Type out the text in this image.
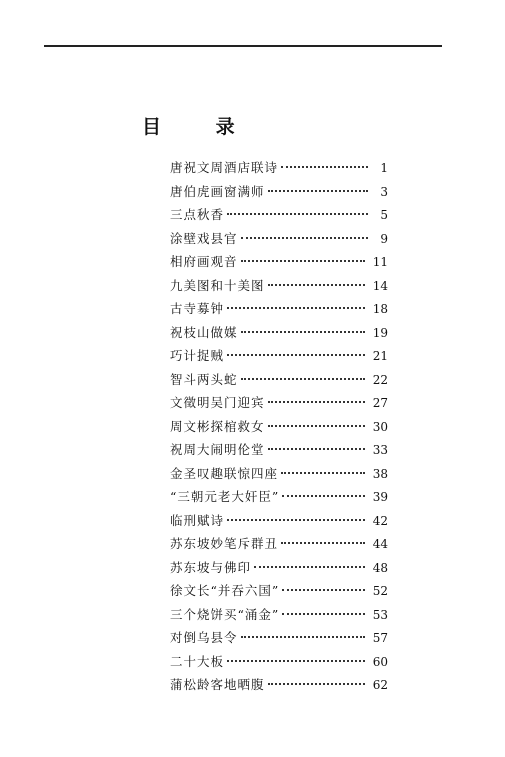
目 录
唐祝文周酒店联诗	1
唐伯虎画窗满师	3
三点秋香	5
涂壁戏县官	9
相府画观音	11
九美图和十美图	14
古寺募钟	18
祝枝山做媒	19
巧计捉贼	21
智斗两头蛇	22
文徵明吴门迎宾	27
周文彬探棺救女	30
祝周大闹明伦堂	33
金圣叹趣联惊四座	38
“三朝元老大奸臣”	39
临刑赋诗	42
苏东坡妙笔斥群丑	44
苏东坡与佛印	48
徐文长“并吞六国”	52
三个烧饼买“涌金”	53
对倒乌县令	57
二十大板	60
蒲松龄客地晒腹	62
